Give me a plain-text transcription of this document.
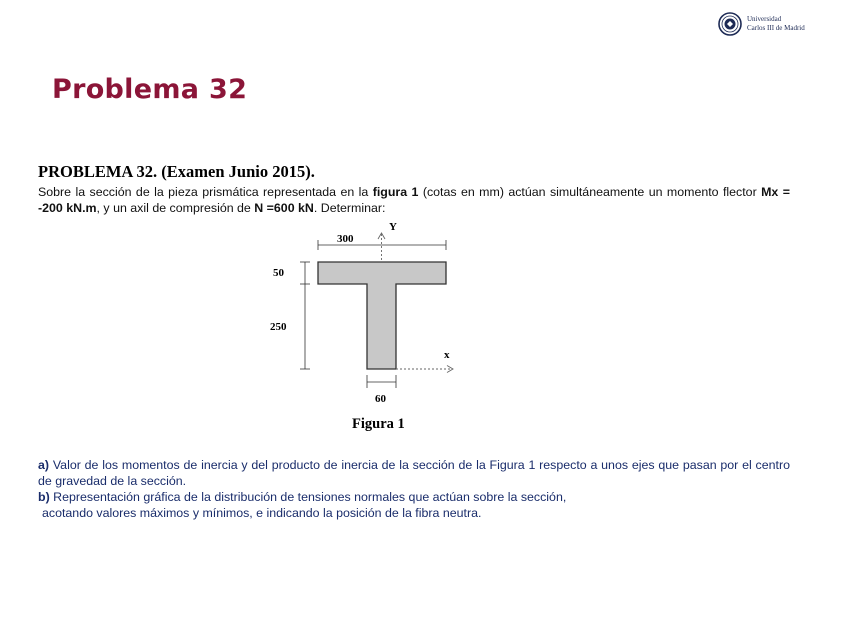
Universidad
Carlos III de Madrid
Problema 32
PROBLEMA 32. (Examen Junio 2015).

Sobre la sección de la pieza prismática representada en la figura 1 (cotas en mm) actúan simultáneamente un momento flector Mx = -200 kN.m, y un axil de compresión de N =600 kN. Determinar:

Y
x
300
50
250
60

Figura 1

a) Valor de los momentos de inercia y del producto de inercia de la sección de la Figura 1 respecto a unos ejes que pasan por el centro de gravedad de la sección.

b) Representación gráfica de la distribución de tensiones normales que actúan sobre la sección,

acotando valores máximos y mínimos, e indicando la posición de la fibra neutra.
